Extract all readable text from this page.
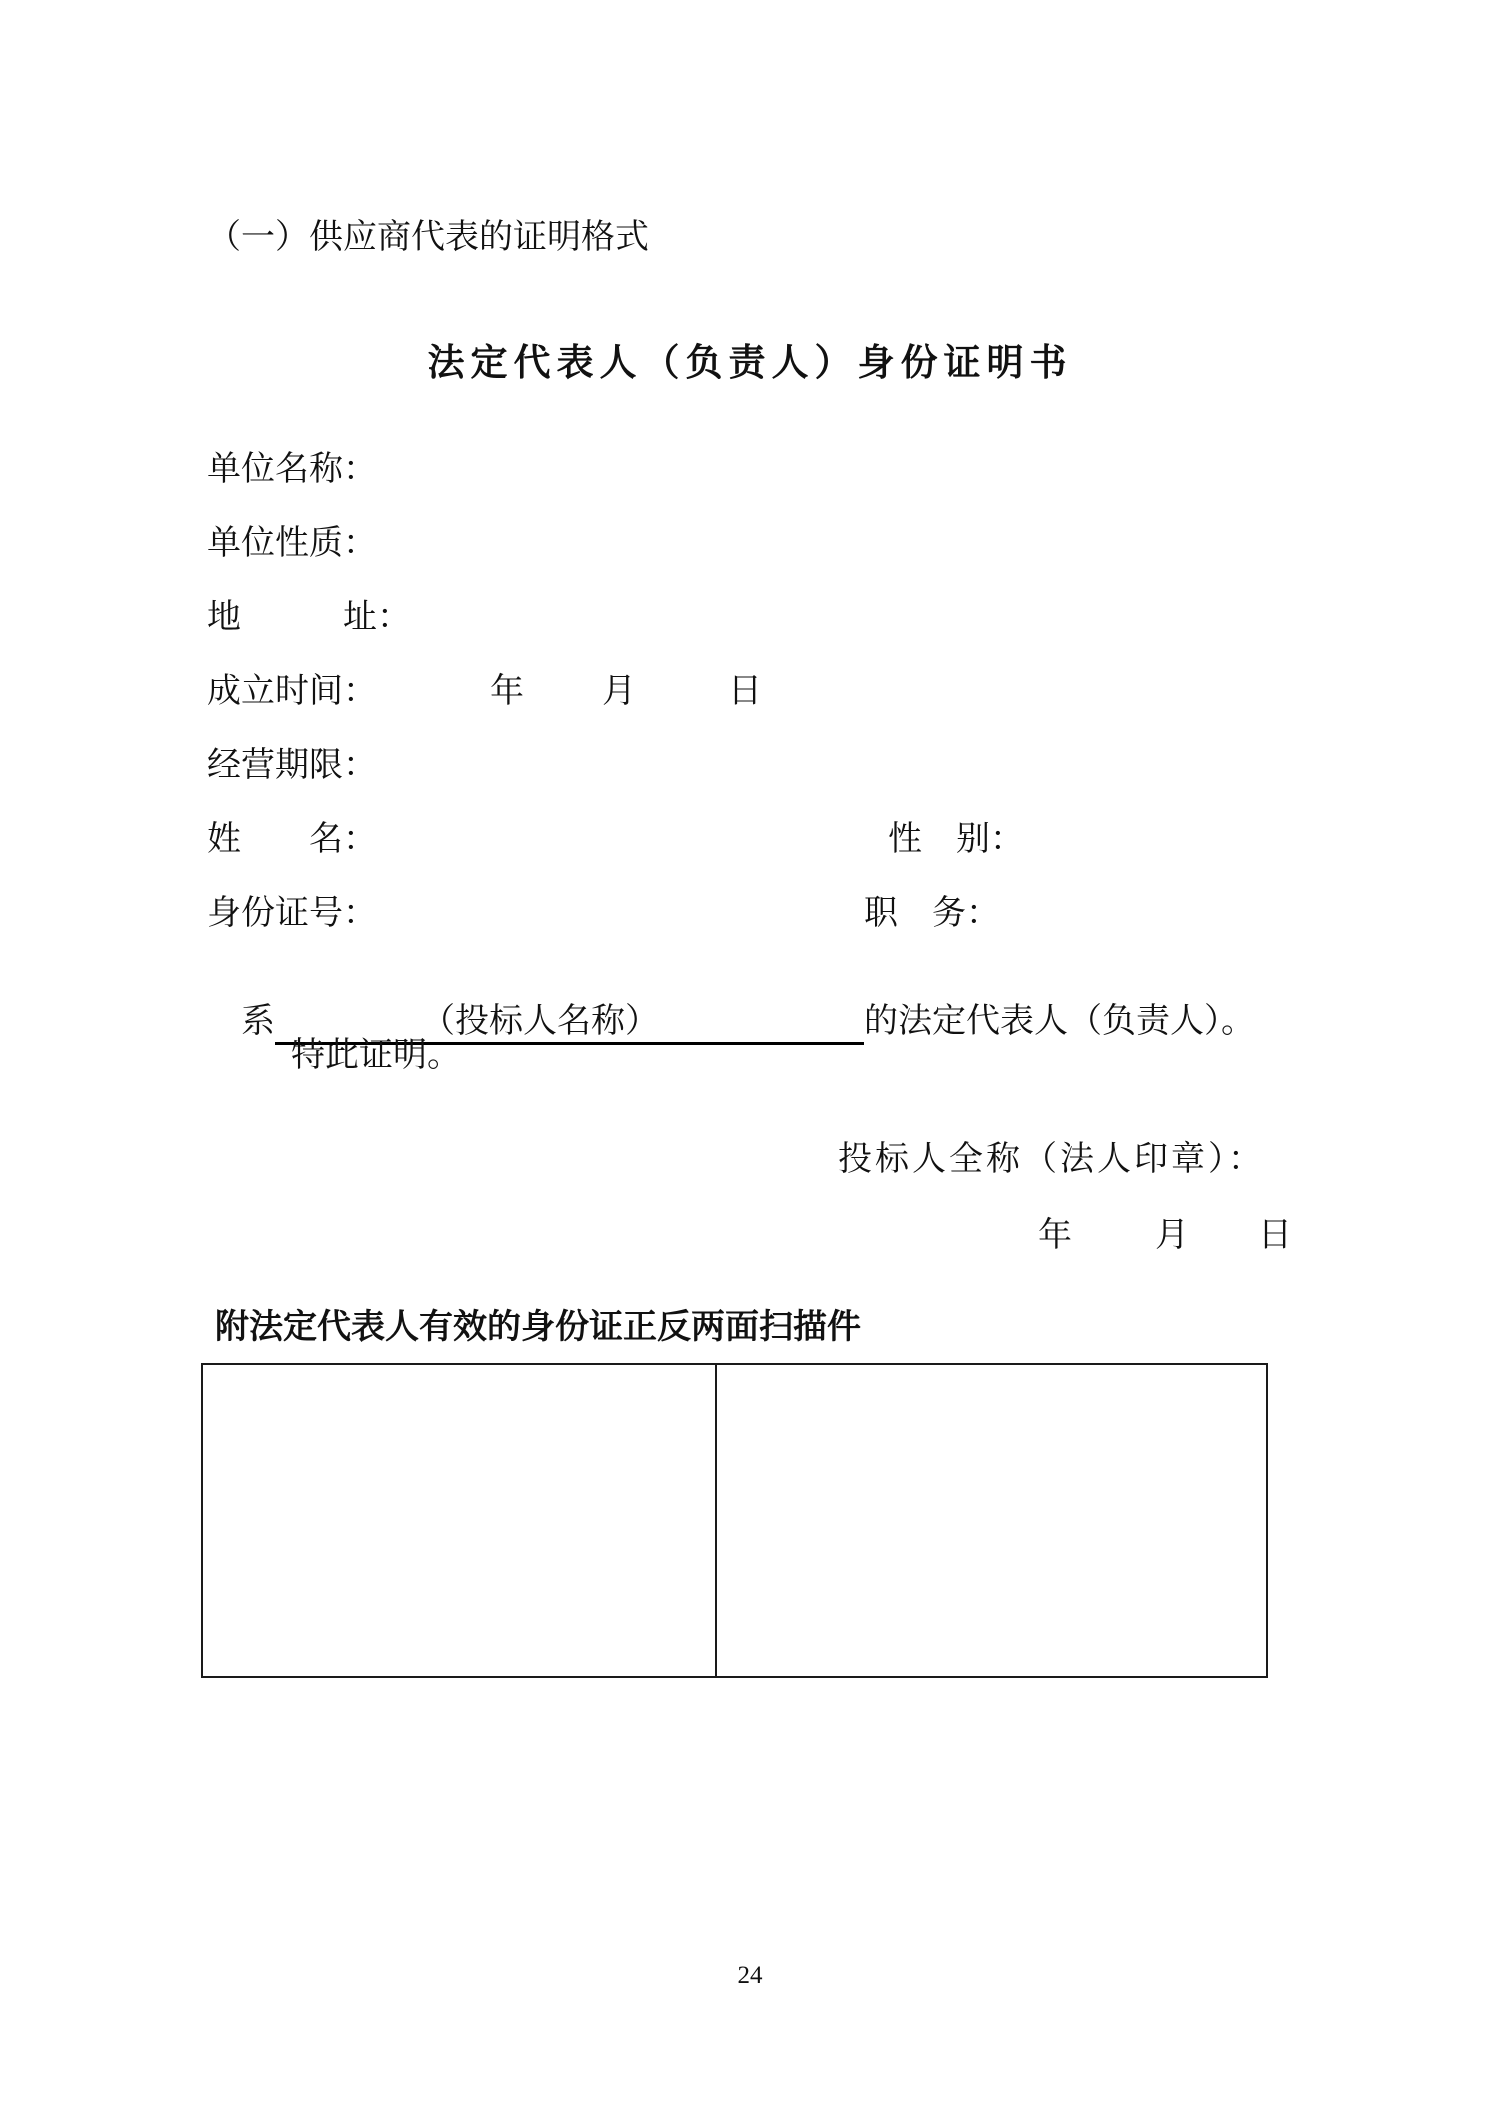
（一）供应商代表的证明格式
法定代表人（负责人）身份证明书
单位名称：
单位性质：
地　　　址：
成立时间：	年 月	日
经营期限：
姓　　名：	性　别：
身份证号：	职　务：

系	（投标人名称）	的法定代表人（负责人）。

特此证明。
投标人全称（法人印章）：
年 月 日
附法定代表人有效的身份证正反两面扫描件
24
